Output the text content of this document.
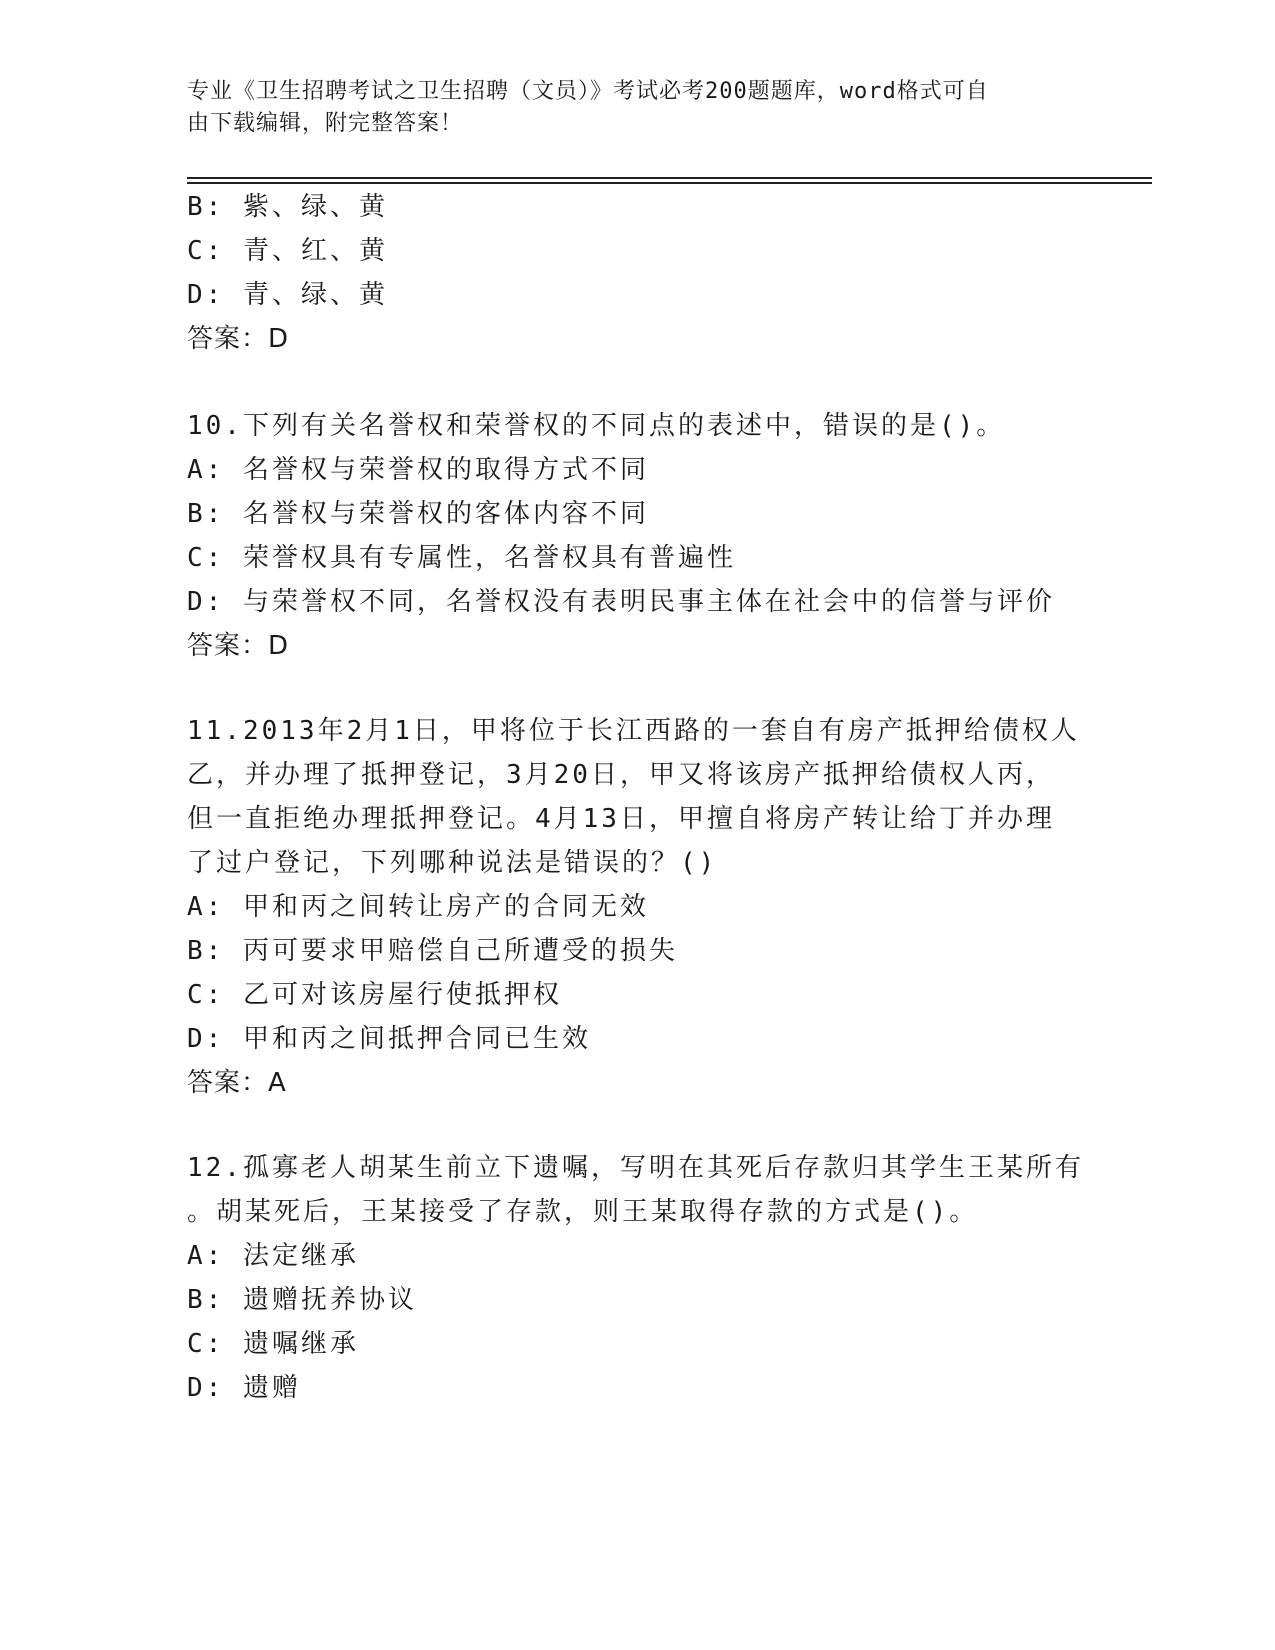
专业《卫生招聘考试之卫生招聘（文员）》考试必考200题题库，word格式可自
由下载编辑，附完整答案！
B: 紫、绿、黄
C: 青、红、黄
D: 青、绿、黄
答案：D
10.下列有关名誉权和荣誉权的不同点的表述中，错误的是()。
A: 名誉权与荣誉权的取得方式不同
B: 名誉权与荣誉权的客体内容不同
C: 荣誉权具有专属性，名誉权具有普遍性
D: 与荣誉权不同，名誉权没有表明民事主体在社会中的信誉与评价
答案：D
11.2013年2月1日，甲将位于长江西路的一套自有房产抵押给债权人
乙，并办理了抵押登记，3月20日，甲又将该房产抵押给债权人丙，
但一直拒绝办理抵押登记。4月13日，甲擅自将房产转让给丁并办理
了过户登记，下列哪种说法是错误的？()
A: 甲和丙之间转让房产的合同无效
B: 丙可要求甲赔偿自己所遭受的损失
C: 乙可对该房屋行使抵押权
D: 甲和丙之间抵押合同已生效
答案：A
12.孤寡老人胡某生前立下遗嘱，写明在其死后存款归其学生王某所有
。胡某死后，王某接受了存款，则王某取得存款的方式是()。
A: 法定继承
B: 遗赠抚养协议
C: 遗嘱继承
D: 遗赠
